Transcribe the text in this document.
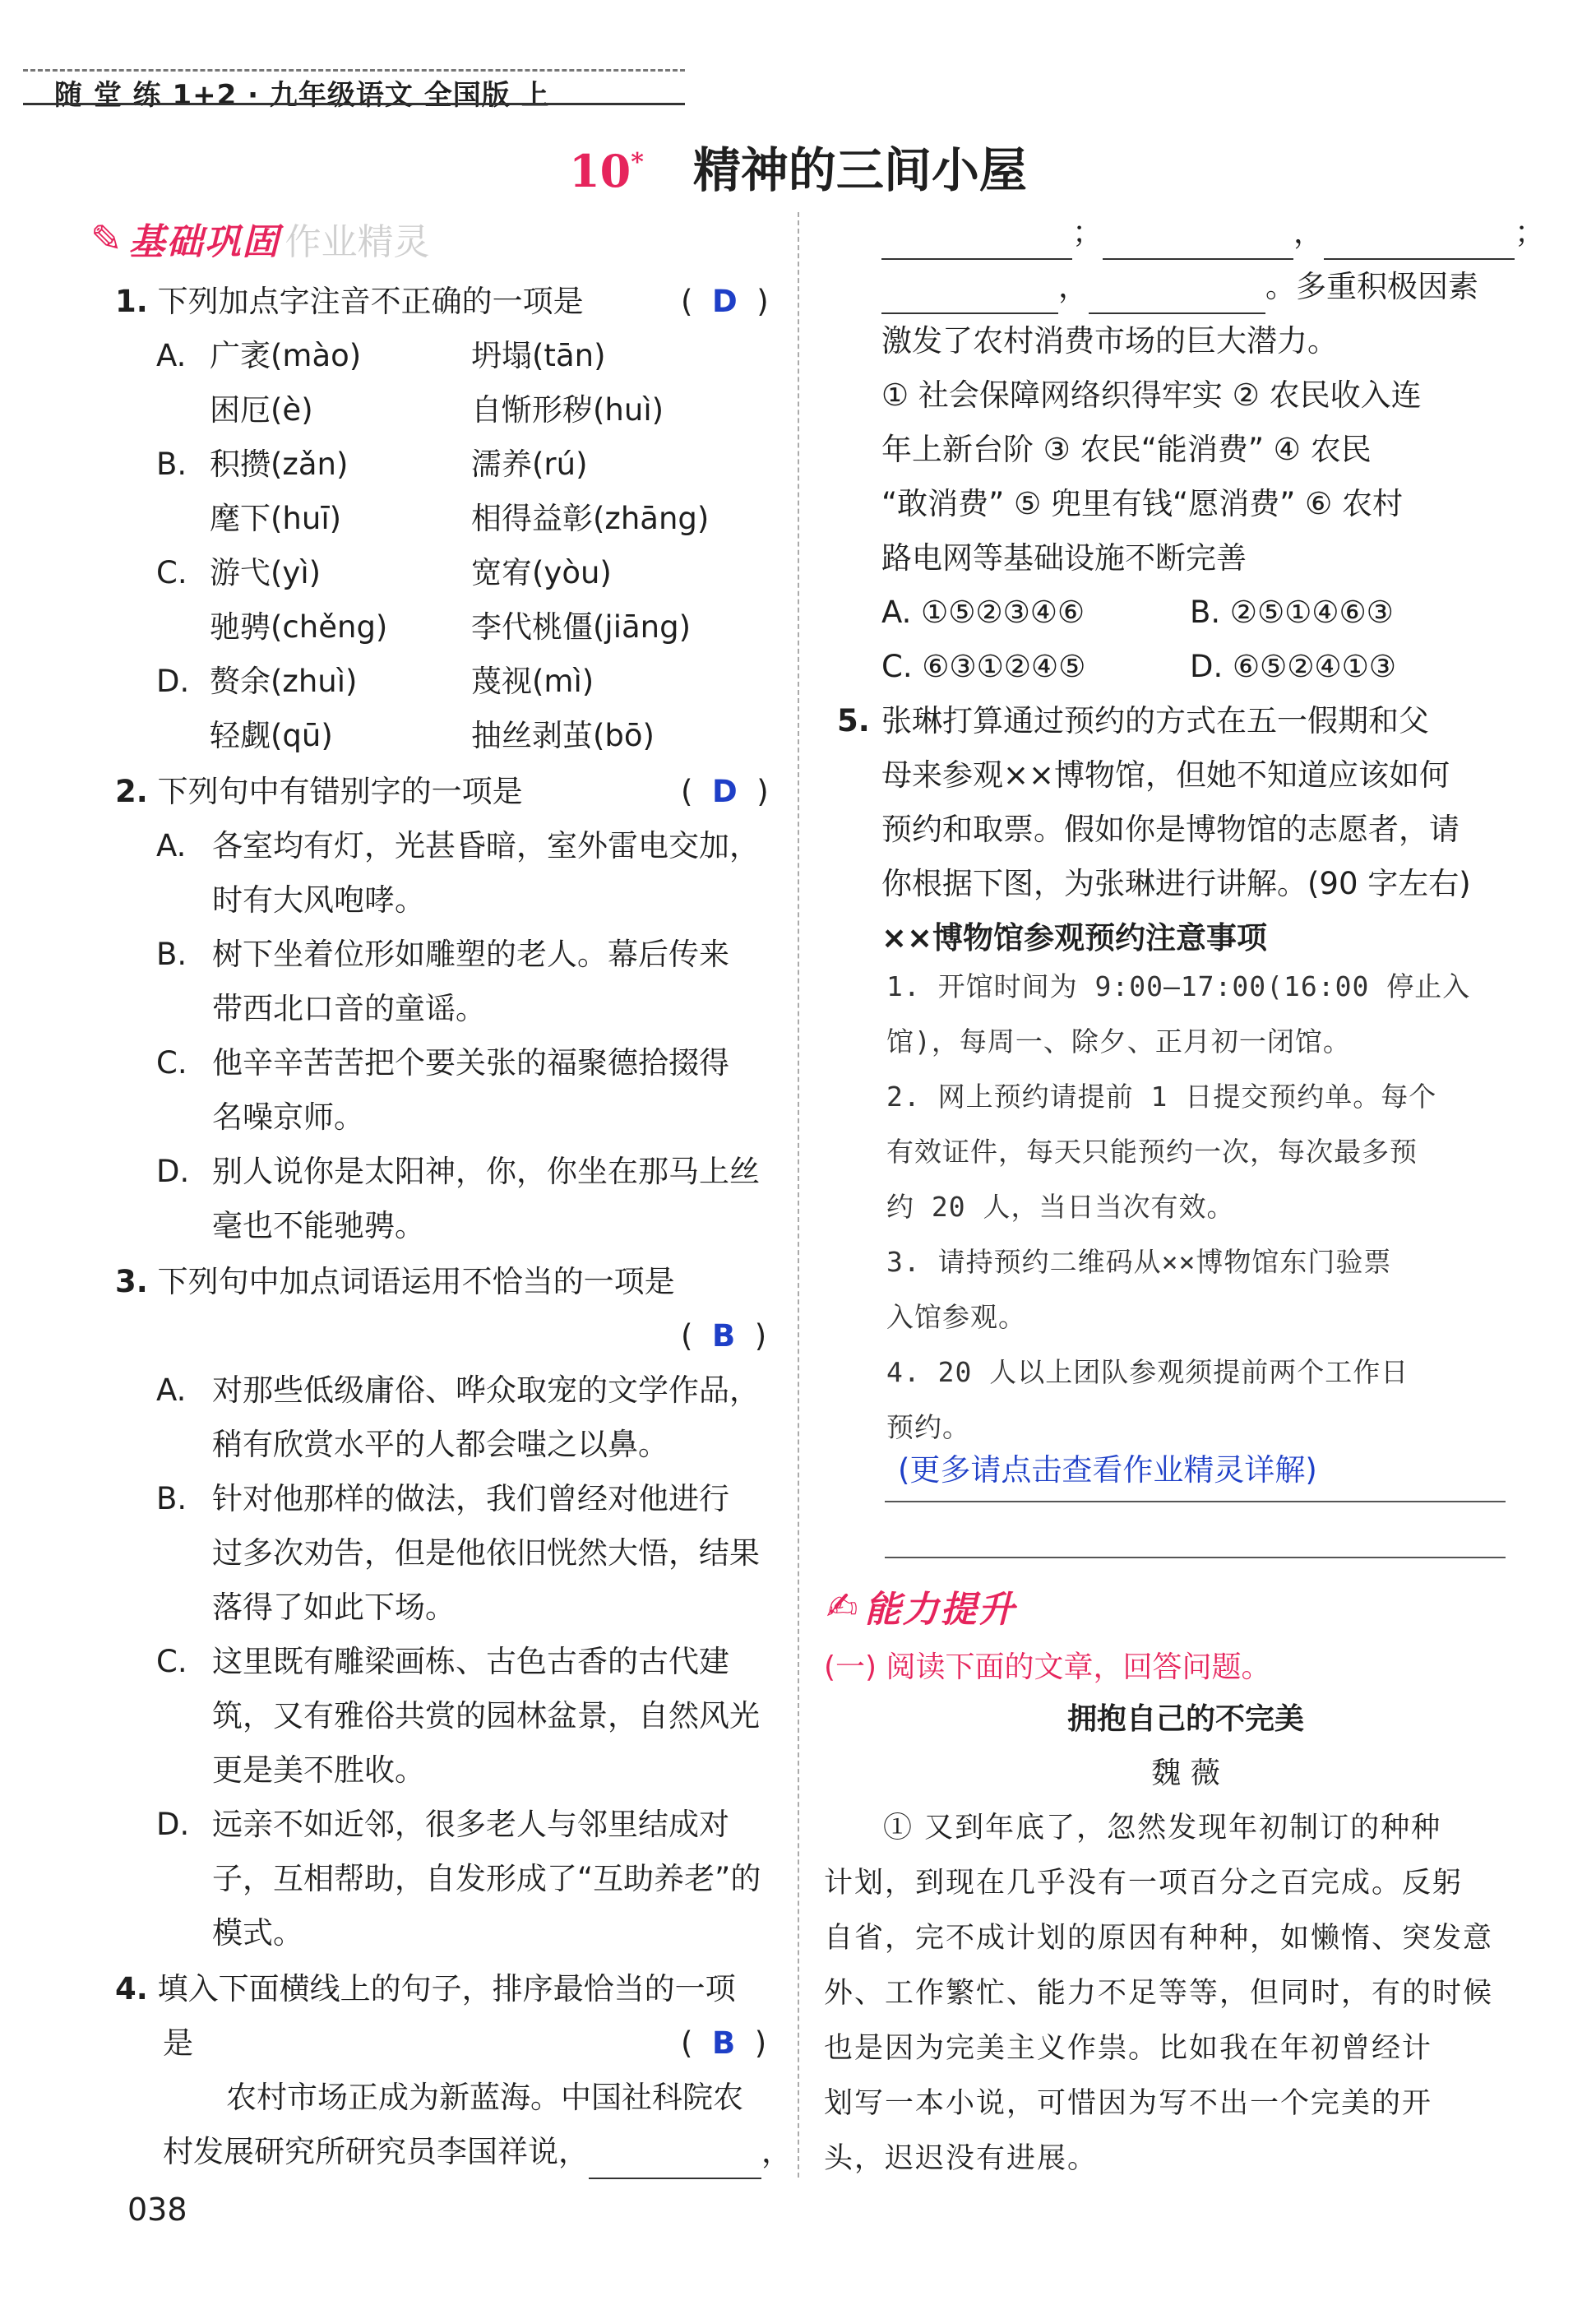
随 堂 练 1+2 · 九年级语文 全国版 上
10* 精神的三间小屋
✎ 基础巩固 作业精灵
1. 下列加点字注音不正确的一项是	(  D  )
A. 广袤(mào)	坍塌(tān)
困厄(è)	自惭形秽(huì)
B. 积攒(zǎn)	濡养(rú)
麾下(huī)	相得益彰(zhāng)
C. 游弋(yì)	宽宥(yòu)
驰骋(chěng)	李代桃僵(jiāng)
D. 赘余(zhuì)	蔑视(mì)
轻觑(qū)	抽丝剥茧(bō)
2. 下列句中有错别字的一项是	(  D  )
A. 各室均有灯，光甚昏暗，室外雷电交加，
时有大风咆哮。
B. 树下坐着位形如雕塑的老人。幕后传来
带西北口音的童谣。
C. 他辛辛苦苦把个要关张的福聚德拾掇得
名噪京师。
D. 别人说你是太阳神，你，你坐在那马上丝
毫也不能驰骋。
3. 下列句中加点词语运用不恰当的一项是
(  B  )
A. 对那些低级庸俗、哗众取宠的文学作品，
稍有欣赏水平的人都会嗤之以鼻。
B. 针对他那样的做法，我们曾经对他进行
过多次劝告，但是他依旧恍然大悟，结果
落得了如此下场。
C. 这里既有雕梁画栋、古色古香的古代建
筑，又有雅俗共赏的园林盆景，自然风光
更是美不胜收。
D. 远亲不如近邻，很多老人与邻里结成对
子，互相帮助，自发形成了“互助养老”的
模式。
4. 填入下面横线上的句子，排序最恰当的一项
是	(  B  )
农村市场正成为新蓝海。中国社科院农
村发展研究所研究员李国祥说，	，
；	，	；
，	。多重积极因素
激发了农村消费市场的巨大潜力。
① 社会保障网络织得牢实 ② 农民收入连
年上新台阶 ③ 农民“能消费” ④ 农民
“敢消费” ⑤ 兜里有钱“愿消费” ⑥ 农村
路电网等基础设施不断完善
A. ①⑤②③④⑥	B. ②⑤①④⑥③
C. ⑥③①②④⑤	D. ⑥⑤②④①③
5. 张琳打算通过预约的方式在五一假期和父
母来参观××博物馆，但她不知道应该如何
预约和取票。假如你是博物馆的志愿者，请
你根据下图，为张琳进行讲解。(90 字左右)
××博物馆参观预约注意事项
1. 开馆时间为 9:00—17:00(16:00 停止入
馆)，每周一、除夕、正月初一闭馆。
2. 网上预约请提前 1 日提交预约单。每个
有效证件，每天只能预约一次，每次最多预
约 20 人，当日当次有效。
3. 请持预约二维码从××博物馆东门验票
入馆参观。
4. 20 人以上团队参观须提前两个工作日
预约。
(更多请点击查看作业精灵详解)
✍ 能力提升
(一) 阅读下面的文章，回答问题。
拥抱自己的不完美
魏 薇
① 又到年底了，忽然发现年初制订的种种
计划，到现在几乎没有一项百分之百完成。反躬
自省，完不成计划的原因有种种，如懒惰、突发意
外、工作繁忙、能力不足等等，但同时，有的时候
也是因为完美主义作祟。比如我在年初曾经计
划写一本小说，可惜因为写不出一个完美的开
头，迟迟没有进展。
038
